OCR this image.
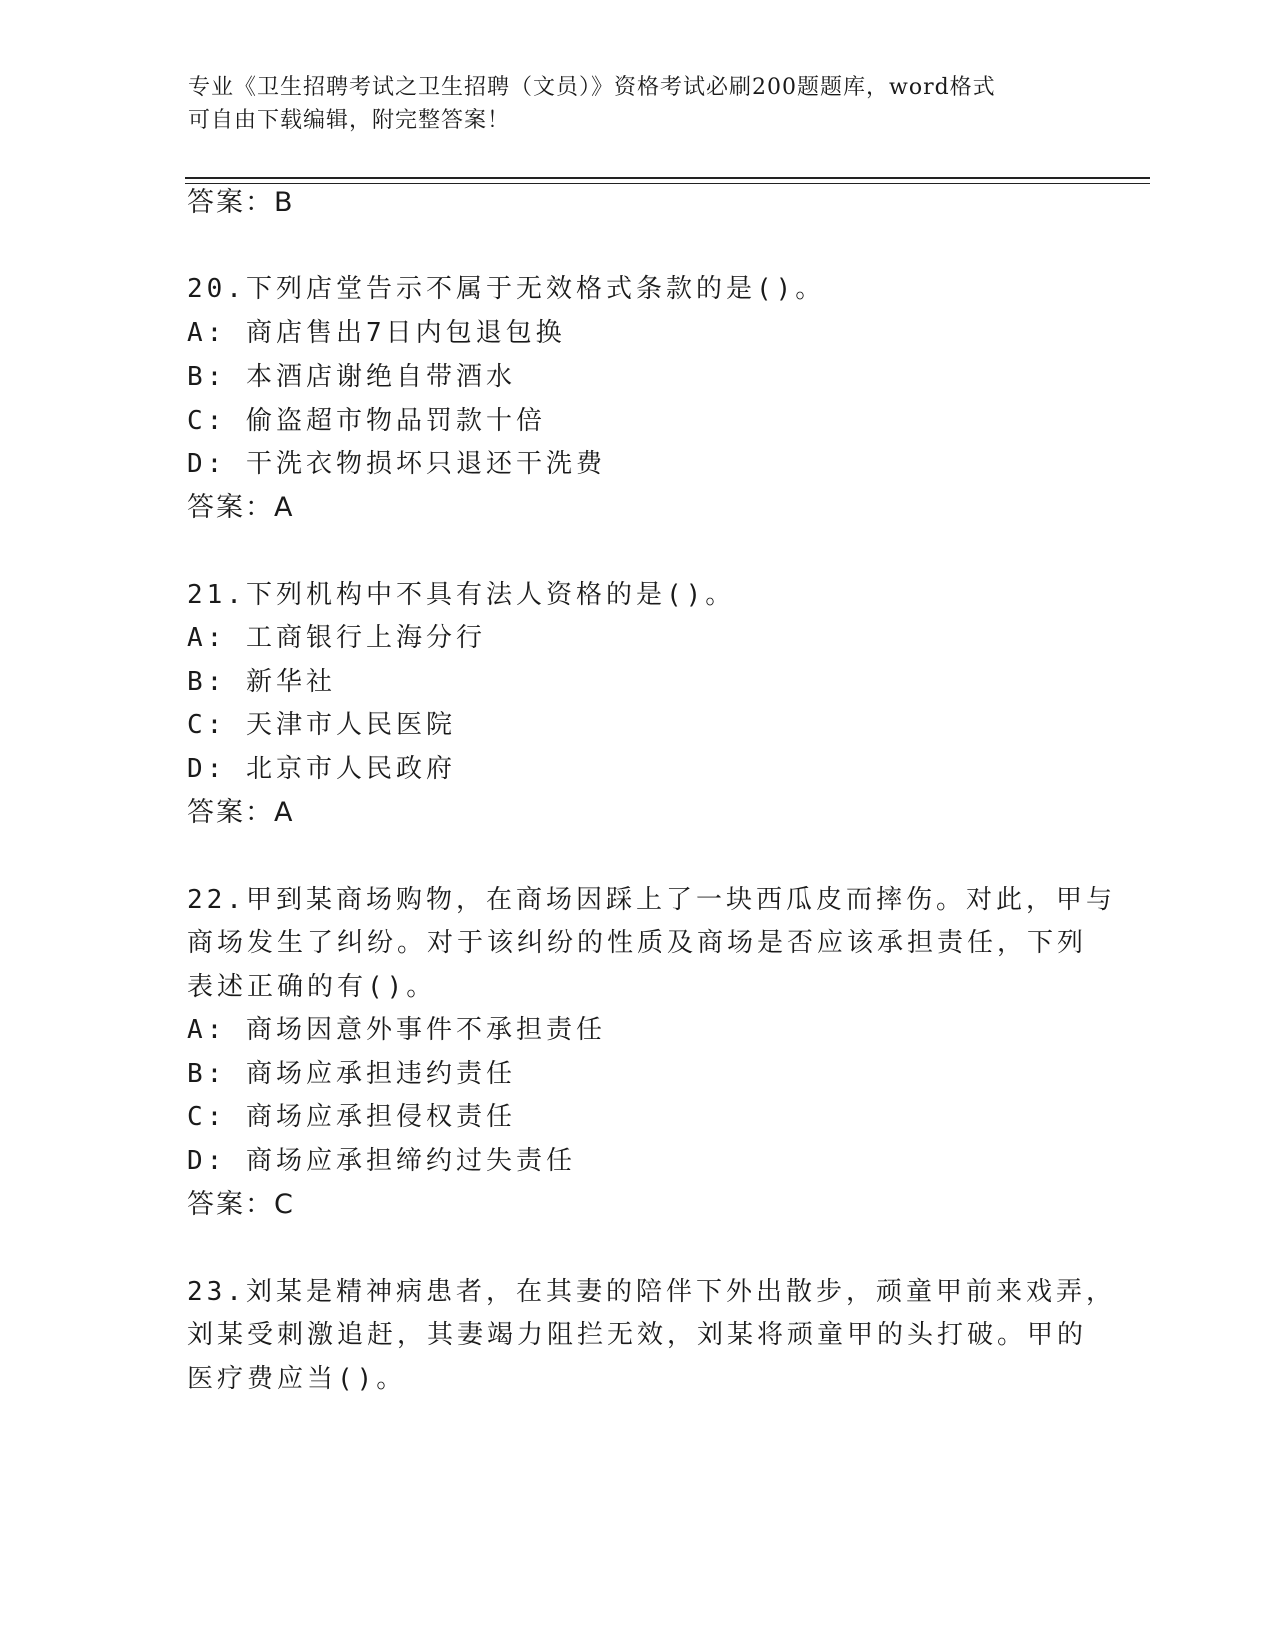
专业《卫生招聘考试之卫生招聘（文员）》资格考试必刷200题题库，word格式
可自由下载编辑，附完整答案！
答案：B
20.下列店堂告示不属于无效格式条款的是()。
A: 商店售出7日内包退包换
B: 本酒店谢绝自带酒水
C: 偷盗超市物品罚款十倍
D: 干洗衣物损坏只退还干洗费
答案：A
21.下列机构中不具有法人资格的是()。
A: 工商银行上海分行
B: 新华社
C: 天津市人民医院
D: 北京市人民政府
答案：A
22.甲到某商场购物，在商场因踩上了一块西瓜皮而摔伤。对此，甲与
商场发生了纠纷。对于该纠纷的性质及商场是否应该承担责任，下列
表述正确的有()。
A: 商场因意外事件不承担责任
B: 商场应承担违约责任
C: 商场应承担侵权责任
D: 商场应承担缔约过失责任
答案：C
23.刘某是精神病患者，在其妻的陪伴下外出散步，顽童甲前来戏弄，
刘某受刺激追赶，其妻竭力阻拦无效，刘某将顽童甲的头打破。甲的
医疗费应当()。
